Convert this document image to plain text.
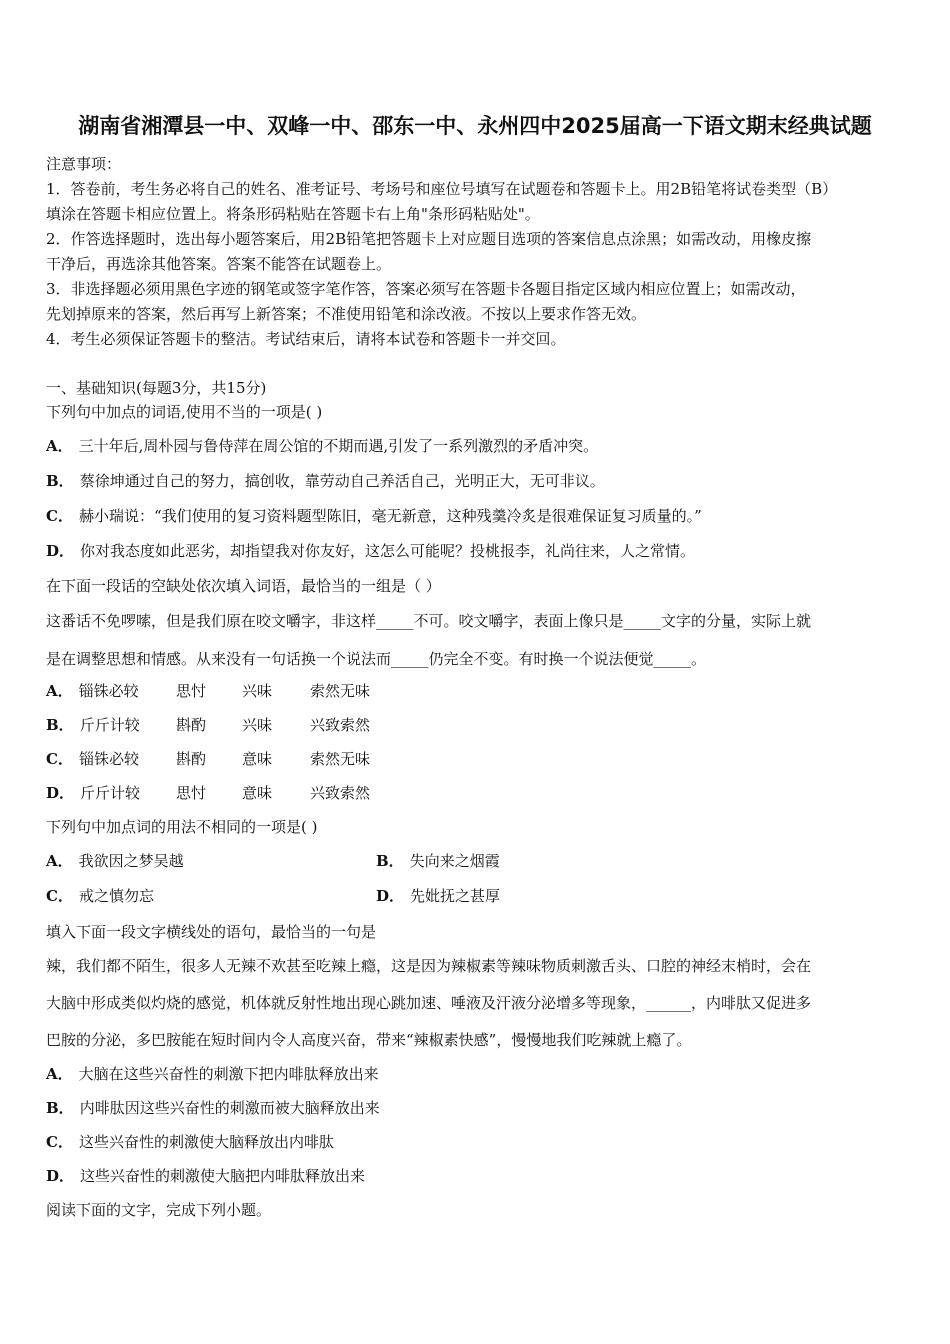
湖南省湘潭县一中、双峰一中、邵东一中、永州四中2025届高一下语文期末经典试题
注意事项：
1．答卷前，考生务必将自己的姓名、准考证号、考场号和座位号填写在试题卷和答题卡上。用2B铅笔将试卷类型（B）
填涂在答题卡相应位置上。将条形码粘贴在答题卡右上角"条形码粘贴处"。
2．作答选择题时，选出每小题答案后，用2B铅笔把答题卡上对应题目选项的答案信息点涂黑；如需改动，用橡皮擦
干净后，再选涂其他答案。答案不能答在试题卷上。
3．非选择题必须用黑色字迹的钢笔或签字笔作答，答案必须写在答题卡各题目指定区域内相应位置上；如需改动，
先划掉原来的答案，然后再写上新答案；不准使用铅笔和涂改液。不按以上要求作答无效。
4．考生必须保证答题卡的整洁。考试结束后，请将本试卷和答题卡一并交回。
一、基础知识(每题3分，共15分)
下列句中加点的词语,使用不当的一项是( )
A． 三十年后,周朴园与鲁侍萍在周公馆的不期而遇,引发了一系列激烈的矛盾冲突。
B． 蔡徐坤通过自己的努力，搞创收，靠劳动自己养活自己，光明正大，无可非议。
C． 赫小瑞说：“我们使用的复习资料题型陈旧，毫无新意，这种残羹冷炙是很难保证复习质量的。”
D． 你对我态度如此恶劣，却指望我对你友好，这怎么可能呢？投桃报李，礼尚往来，人之常情。
在下面一段话的空缺处依次填入词语，最恰当的一组是（ ）
这番话不免啰嗦，但是我们原在咬文嚼字，非这样_____不可。咬文嚼字，表面上像只是_____文字的分量，实际上就
是在调整思想和情感。从来没有一句话换一个说法而_____仍完全不变。有时换一个说法便觉_____。
A． 锱铢必较 思忖 兴味	索然无味
B． 斤斤计较 斟酌 兴味	兴致索然
C． 锱铢必较 斟酌 意味	索然无味
D． 斤斤计较 思忖 意味	兴致索然
下列句中加点词的用法不相同的一项是( )
A． 我欲因之梦吴越	B． 失向来之烟霞
C． 戒之慎勿忘	D． 先妣抚之甚厚
填入下面一段文字横线处的语句，最恰当的一句是
辣，我们都不陌生，很多人无辣不欢甚至吃辣上瘾，这是因为辣椒素等辣味物质刺激舌头、口腔的神经末梢时，会在
大脑中形成类似灼烧的感觉，机体就反射性地出现心跳加速、唾液及汗液分泌增多等现象，______，内啡肽又促进多
巴胺的分泌，多巴胺能在短时间内令人高度兴奋，带来“辣椒素快感”，慢慢地我们吃辣就上瘾了。
A． 大脑在这些兴奋性的刺激下把内啡肽释放出来
B． 内啡肽因这些兴奋性的刺激而被大脑释放出来
C． 这些兴奋性的刺激使大脑释放出内啡肽
D． 这些兴奋性的刺激使大脑把内啡肽释放出来
阅读下面的文字，完成下列小题。
